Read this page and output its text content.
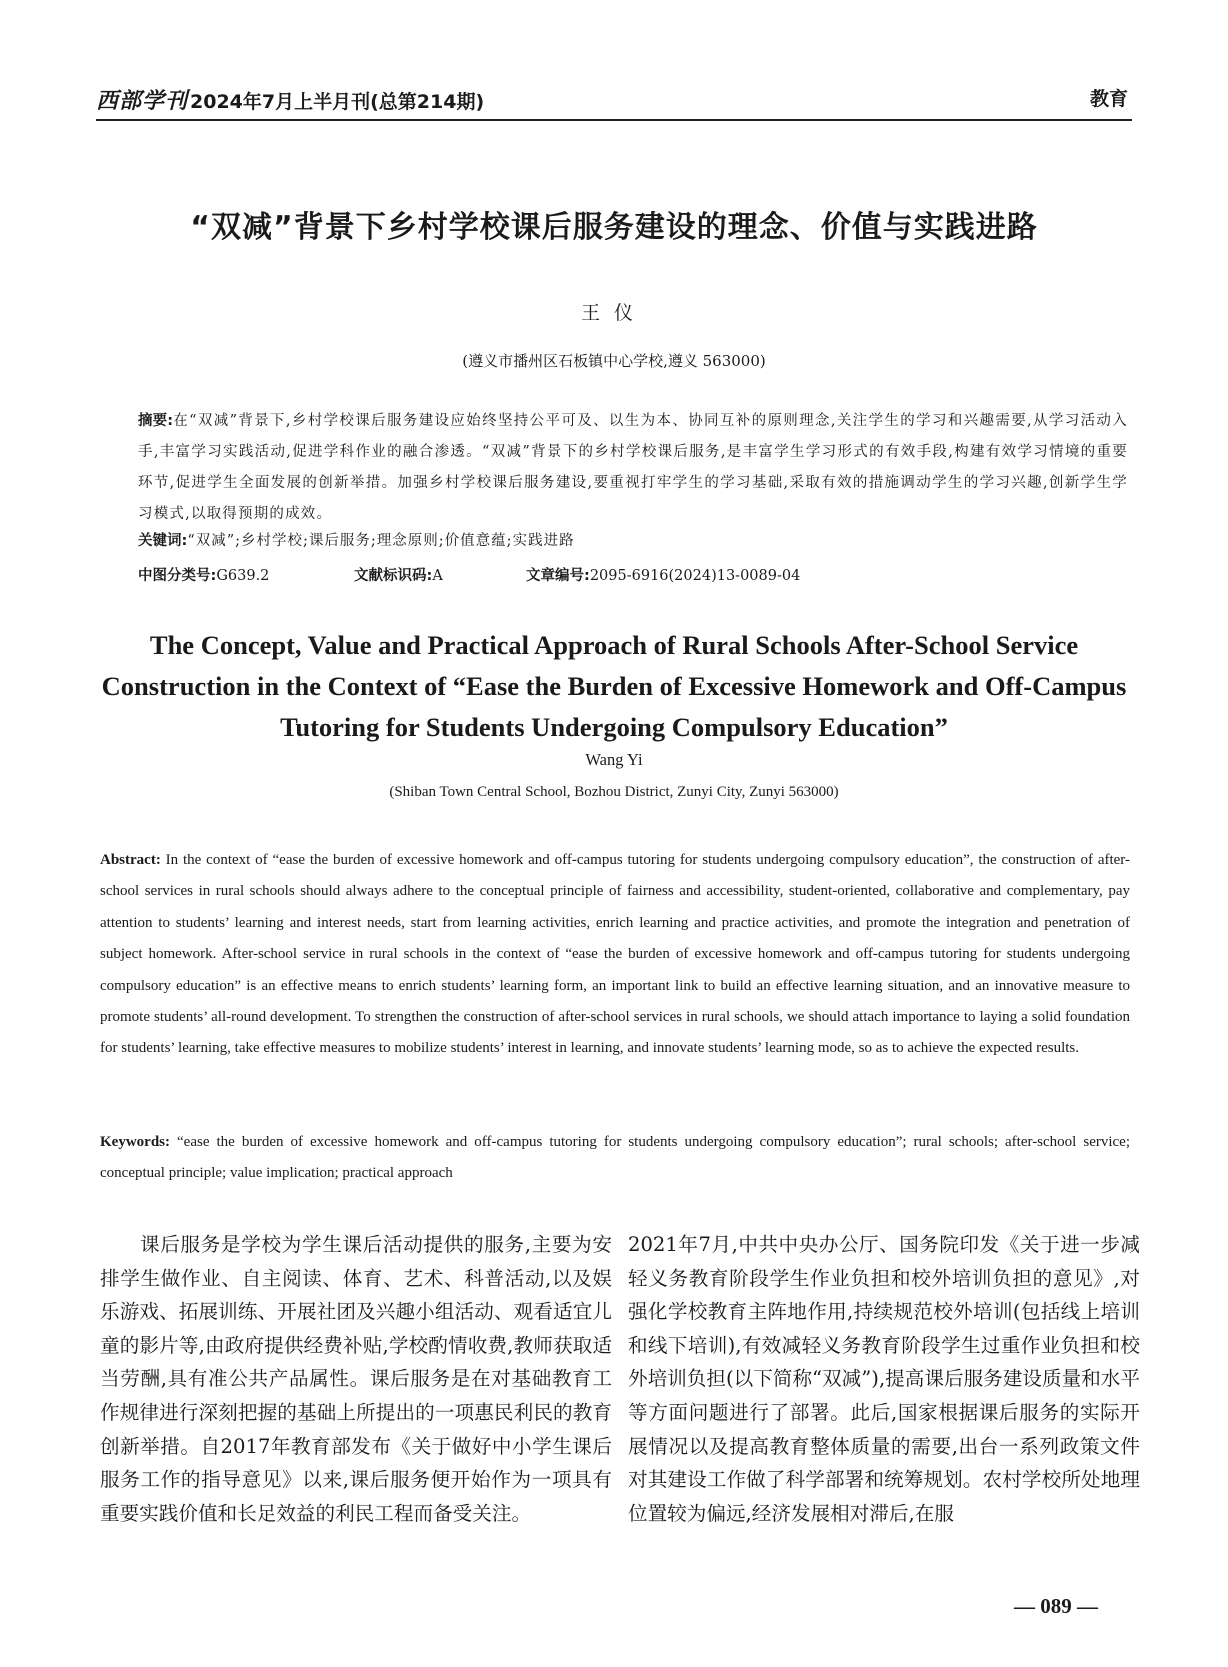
西部学刊 2024年7月上半月刊(总第214期)	教育
“双减”背景下乡村学校课后服务建设的理念、价值与实践进路
王仪
(遵义市播州区石板镇中心学校,遵义 563000)
摘要:在“双减”背景下,乡村学校课后服务建设应始终坚持公平可及、以生为本、协同互补的原则理念,关注学生的学习和兴趣需要,从学习活动入手,丰富学习实践活动,促进学科作业的融合渗透。“双减”背景下的乡村学校课后服务,是丰富学生学习形式的有效手段,构建有效学习情境的重要环节,促进学生全面发展的创新举措。加强乡村学校课后服务建设,要重视打牢学生的学习基础,采取有效的措施调动学生的学习兴趣,创新学生学习模式,以取得预期的成效。
关键词:“双减”;乡村学校;课后服务;理念原则;价值意蕴;实践进路
中图分类号:G639.2	文献标识码:A	文章编号:2095-6916(2024)13-0089-04
The Concept, Value and Practical Approach of Rural Schools After-School Service Construction in the Context of “Ease the Burden of Excessive Homework and Off-Campus Tutoring for Students Undergoing Compulsory Education”
Wang Yi
(Shiban Town Central School, Bozhou District, Zunyi City, Zunyi 563000)
Abstract: In the context of “ease the burden of excessive homework and off-campus tutoring for students undergoing compulsory education”, the construction of after-school services in rural schools should always adhere to the conceptual principle of fairness and accessibility, student-oriented, collaborative and complementary, pay attention to students’ learning and interest needs, start from learning activities, enrich learning and practice activities, and promote the integration and penetration of subject homework. After-school service in rural schools in the context of “ease the burden of excessive homework and off-campus tutoring for students undergoing compulsory education” is an effective means to enrich students’ learning form, an important link to build an effective learning situation, and an innovative measure to promote students’ all-round development. To strengthen the construction of after-school services in rural schools, we should attach importance to laying a solid foundation for students’ learning, take effective measures to mobilize students’ interest in learning, and innovate students’ learning mode, so as to achieve the expected results.
Keywords: “ease the burden of excessive homework and off-campus tutoring for students undergoing compulsory education”; rural schools; after-school service; conceptual principle; value implication; practical approach
课后服务是学校为学生课后活动提供的服务,主要为安排学生做作业、自主阅读、体育、艺术、科普活动,以及娱乐游戏、拓展训练、开展社团及兴趣小组活动、观看适宜儿童的影片等,由政府提供经费补贴,学校酌情收费,教师获取适当劳酬,具有准公共产品属性。课后服务是在对基础教育工作规律进行深刻把握的基础上所提出的一项惠民利民的教育创新举措。自2017年教育部发布《关于做好中小学生课后服务工作的指导意见》以来,课后服务便开始作为一项具有重要实践价值和长足效益的利民工程而备受关注。
2021年7月,中共中央办公厅、国务院印发《关于进一步减轻义务教育阶段学生作业负担和校外培训负担的意见》,对强化学校教育主阵地作用,持续规范校外培训(包括线上培训和线下培训),有效减轻义务教育阶段学生过重作业负担和校外培训负担(以下简称“双减”),提高课后服务建设质量和水平等方面问题进行了部署。此后,国家根据课后服务的实际开展情况以及提高教育整体质量的需要,出台一系列政策文件对其建设工作做了科学部署和统筹规划。农村学校所处地理位置较为偏远,经济发展相对滞后,在服
— 089 —
